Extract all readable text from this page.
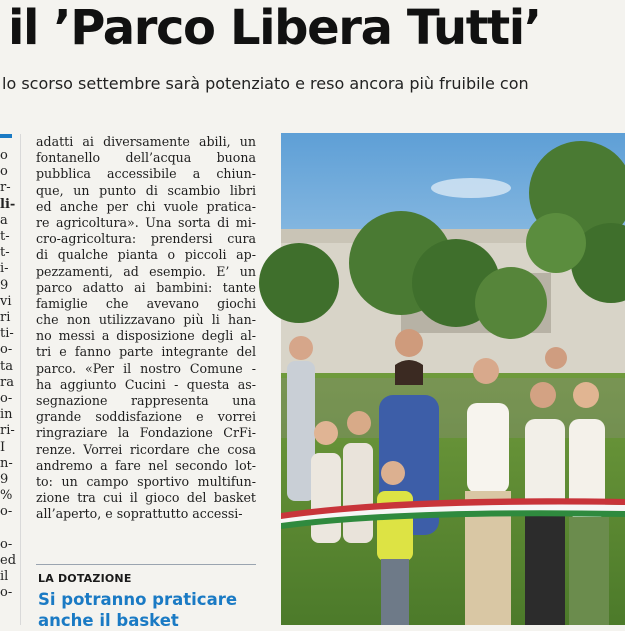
il ’Parco Libera Tutti’

lo scorso settembre sarà potenziato e reso ancora più fruibile con

o
o
r-
li-
a
t-
t-
i-
9
vi
ri
ti-
o-
ta
ra
o-
in
ri-
I
n-
9
%
o-

o-
ed
il
o-
adatti ai diversamente abili, un
fontanello dell’acqua buona
pubblica accessibile a chiun-
que, un punto di scambio libri
ed anche per chi vuole pratica-
re agricoltura». Una sorta di mi-
cro-agricoltura: prendersi cura
di qualche pianta o piccoli ap-
pezzamenti, ad esempio. E’ un
parco adatto ai bambini: tante
famiglie che avevano giochi
che non utilizzavano più li han-
no messi a disposizione degli al-
tri e fanno parte integrante del
parco. «Per il nostro Comune -
ha aggiunto Cucini - questa as-
segnazione rappresenta una
grande soddisfazione e vorrei
ringraziare la Fondazione CrFi-
renze. Vorrei ricordare che cosa
andremo a fare nel secondo lot-
to: un campo sportivo multifun-
zione tra cui il gioco del basket
all’aperto, e soprattutto accessi-

LA DOTAZIONE

Si potranno praticare
anche il basket
